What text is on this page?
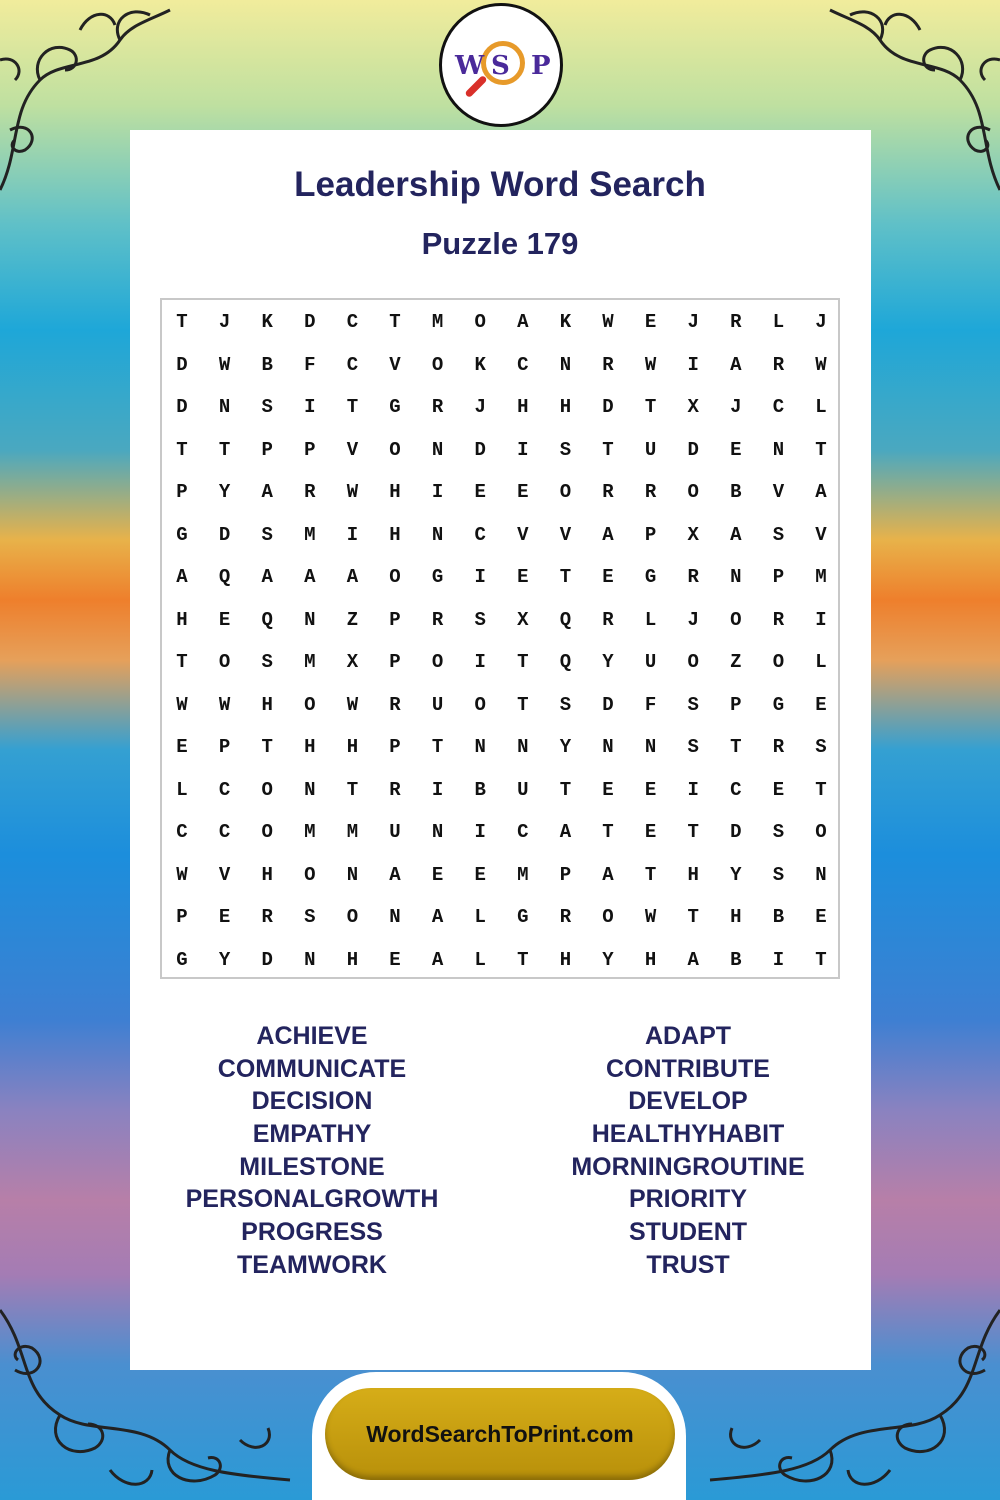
W S P
Leadership Word Search
Puzzle 179
T	J	K	D	C	T	M	O	A	K	W	E	J	R	L	J
D	W	B	F	C	V	O	K	C	N	R	W	I	A	R	W
D	N	S	I	T	G	R	J	H	H	D	T	X	J	C	L
T	T	P	P	V	O	N	D	I	S	T	U	D	E	N	T
P	Y	A	R	W	H	I	E	E	O	R	R	O	B	V	A
G	D	S	M	I	H	N	C	V	V	A	P	X	A	S	V
A	Q	A	A	A	O	G	I	E	T	E	G	R	N	P	M
H	E	Q	N	Z	P	R	S	X	Q	R	L	J	O	R	I
T	O	S	M	X	P	O	I	T	Q	Y	U	O	Z	O	L
W	W	H	O	W	R	U	O	T	S	D	F	S	P	G	E
E	P	T	H	H	P	T	N	N	Y	N	N	S	T	R	S
L	C	O	N	T	R	I	B	U	T	E	E	I	C	E	T
C	C	O	M	M	U	N	I	C	A	T	E	T	D	S	O
W	V	H	O	N	A	E	E	M	P	A	T	H	Y	S	N
P	E	R	S	O	N	A	L	G	R	O	W	T	H	B	E
G	Y	D	N	H	E	A	L	T	H	Y	H	A	B	I	T
ACHIEVE
COMMUNICATE
DECISION
EMPATHY
MILESTONE
PERSONALGROWTH
PROGRESS
TEAMWORK
ADAPT
CONTRIBUTE
DEVELOP
HEALTHYHABIT
MORNINGROUTINE
PRIORITY
STUDENT
TRUST
WordSearchToPrint.com
